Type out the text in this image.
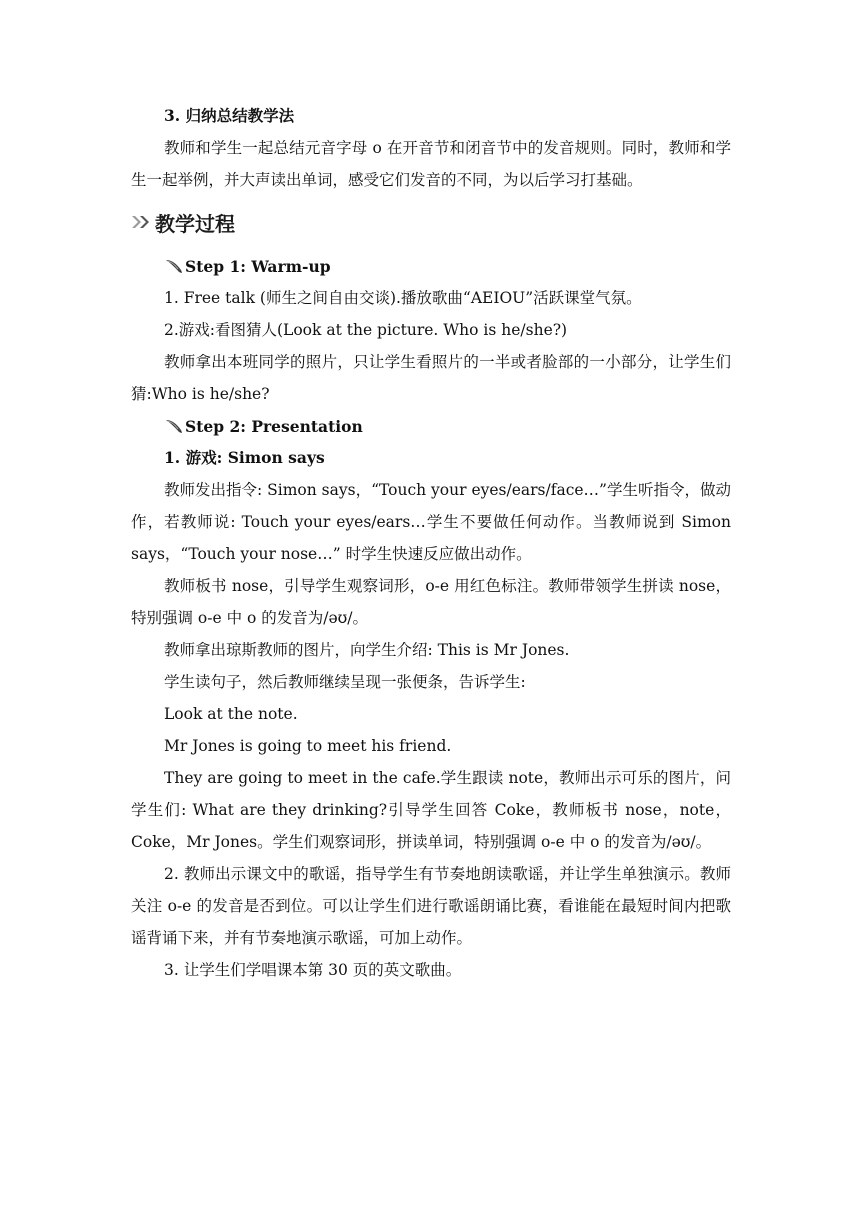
3. 归纳总结教学法

教师和学生一起总结元音字母 o 在开音节和闭音节中的发音规则。同时，教师和学生一起举例，并大声读出单词，感受它们发音的不同，为以后学习打基础。

教学过程
Step 1: Warm-up

1. Free talk (师生之间自由交谈).播放歌曲“AEIOU”活跃课堂气氛。

2.游戏:看图猜人(Look at the picture. Who is he/she?)

教师拿出本班同学的照片，只让学生看照片的一半或者脸部的一小部分，让学生们猜:Who is he/she?

Step 2: Presentation

1. 游戏: Simon says

教师发出指令: Simon says，“Touch your eyes/ears/face…”学生听指令，做动作，若教师说: Touch your eyes/ears…学生不要做任何动作。当教师说到 Simon says，“Touch your nose…” 时学生快速反应做出动作。

教师板书 nose，引导学生观察词形，o-e 用红色标注。教师带领学生拼读 nose，特别强调 o-e 中 o 的发音为/əʊ/。

教师拿出琼斯教师的图片，向学生介绍: This is Mr Jones.

学生读句子，然后教师继续呈现一张便条，告诉学生:

Look at the note.

Mr Jones is going to meet his friend.

They are going to meet in the cafe.学生跟读 note，教师出示可乐的图片，问学生们: What are they drinking?引导学生回答 Coke，教师板书 nose，note，Coke，Mr Jones。学生们观察词形，拼读单词，特别强调 o-e 中 o 的发音为/əʊ/。

2. 教师出示课文中的歌谣，指导学生有节奏地朗读歌谣，并让学生单独演示。教师关注 o-e 的发音是否到位。可以让学生们进行歌谣朗诵比赛，看谁能在最短时间内把歌谣背诵下来，并有节奏地演示歌谣，可加上动作。

3. 让学生们学唱课本第 30 页的英文歌曲。
